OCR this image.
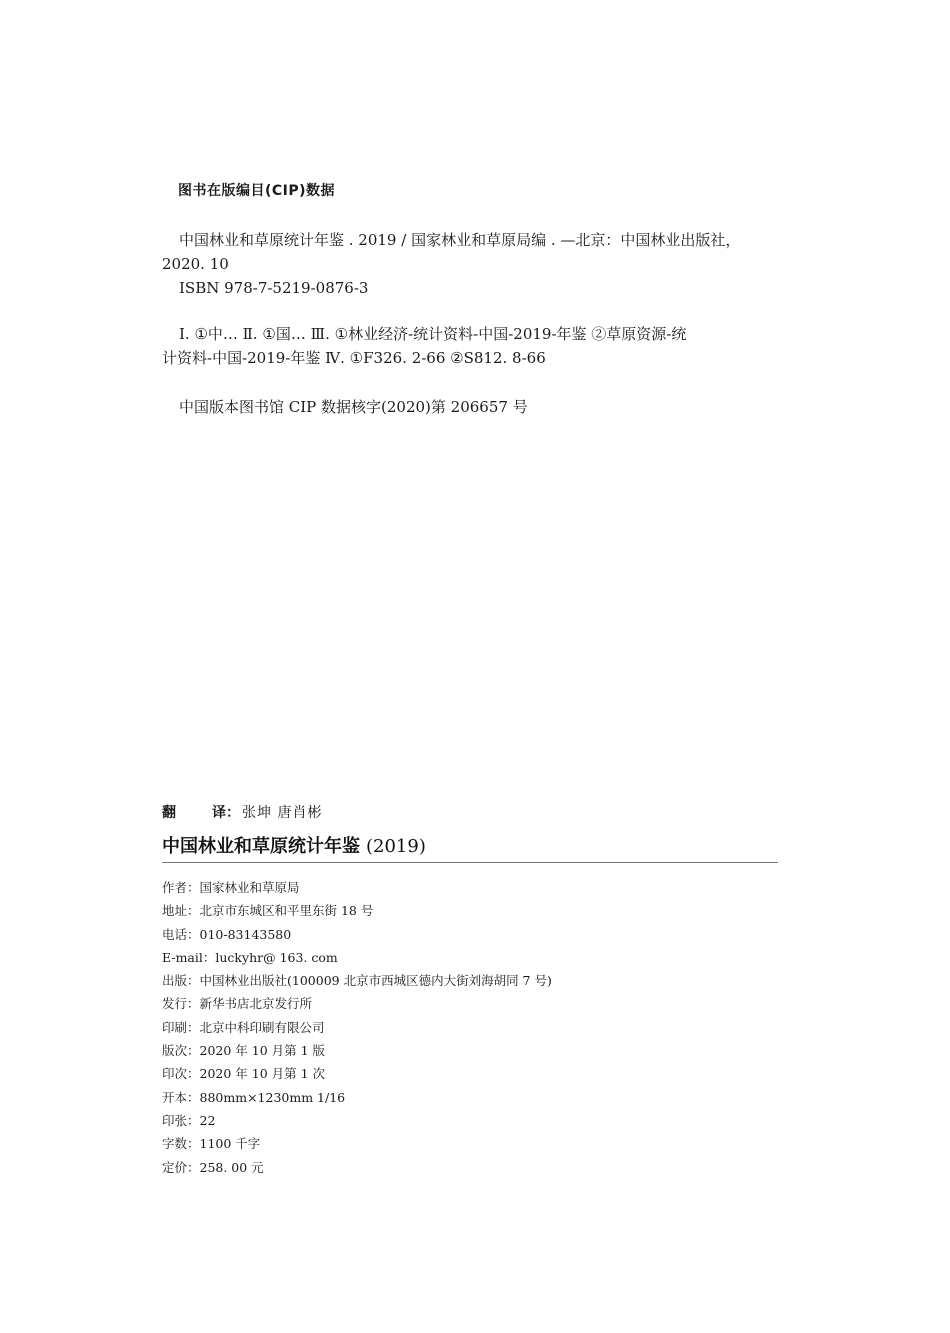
图书在版编目(CIP)数据
中国林业和草原统计年鉴 . 2019 / 国家林业和草原局编 . —北京：中国林业出版社，
2020. 10
ISBN 978-7-5219-0876-3
Ⅰ. ①中… Ⅱ. ①国… Ⅲ. ①林业经济-统计资料-中国-2019-年鉴 ②草原资源-统
计资料-中国-2019-年鉴 Ⅳ. ①F326. 2-66 ②S812. 8-66
中国版本图书馆 CIP 数据核字(2020)第 206657 号
翻	译： 张坤 唐肖彬
中国林业和草原统计年鉴 (2019)
作者：国家林业和草原局
地址：北京市东城区和平里东街 18 号
电话：010-83143580
E-mail：luckyhr@ 163. com
出版：中国林业出版社(100009 北京市西城区德内大街刘海胡同 7 号)
发行：新华书店北京发行所
印刷：北京中科印刷有限公司
版次：2020 年 10 月第 1 版
印次：2020 年 10 月第 1 次
开本：880mm×1230mm 1/16
印张：22
字数：1100 千字
定价：258. 00 元
